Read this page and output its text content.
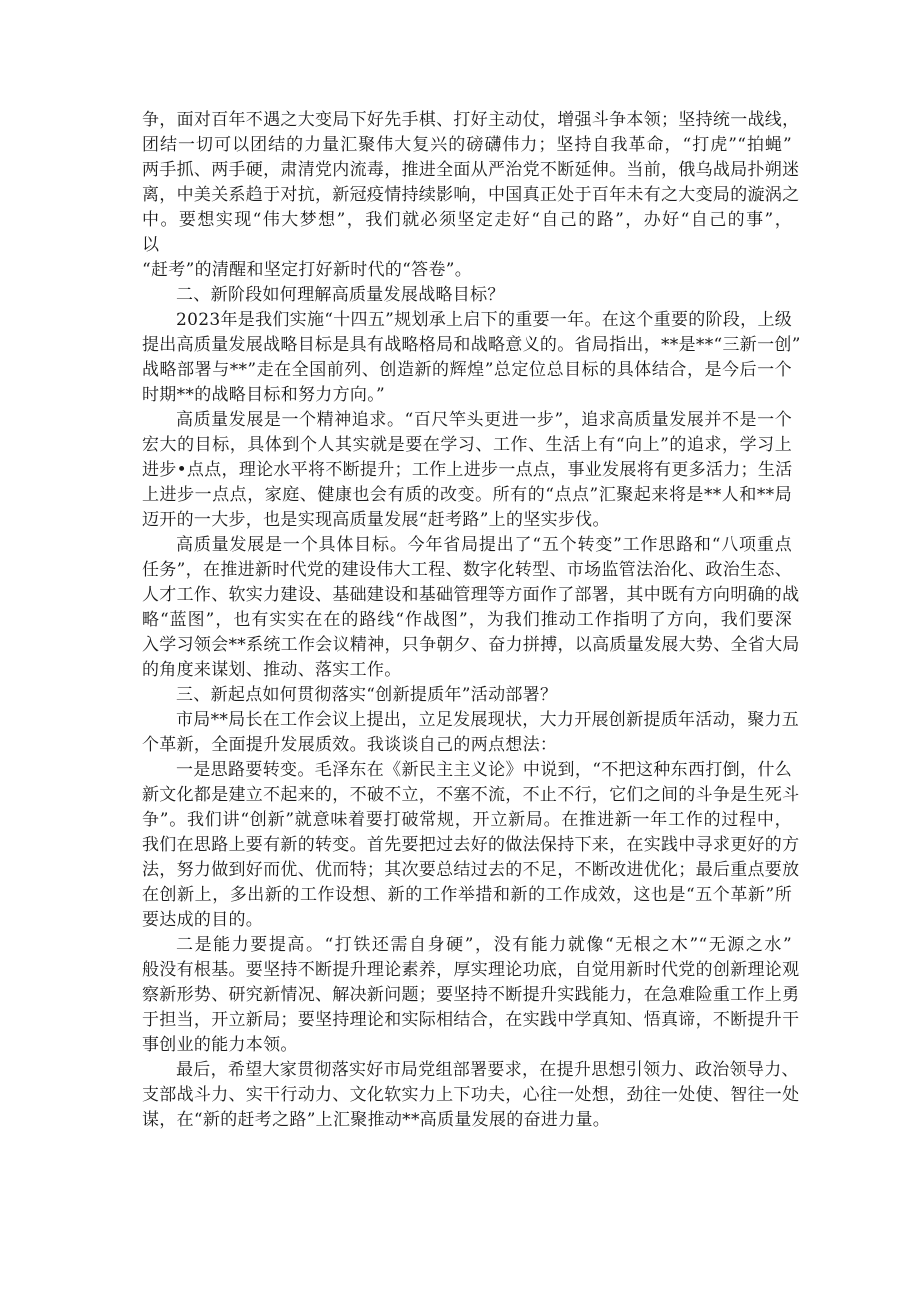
争，面对百年不遇之大变局下好先手棋、打好主动仗，增强斗争本领；坚持统一战线，
团结一切可以团结的力量汇聚伟大复兴的磅礴伟力；坚持自我革命，“打虎”“拍蝇”
两手抓、两手硬，肃清党内流毒，推进全面从严治党不断延伸。当前，俄乌战局扑朔迷
离，中美关系趋于对抗，新冠疫情持续影响，中国真正处于百年未有之大变局的漩涡之
中。要想实现“伟大梦想”，我们就必须坚定走好“自己的路”，办好“自己的事”，
以
“赶考”的清醒和坚定打好新时代的“答卷”。
二、新阶段如何理解高质量发展战略目标？
2023年是我们实施“十四五”规划承上启下的重要一年。在这个重要的阶段，上级
提出高质量发展战略目标是具有战略格局和战略意义的。省局指出，**是**“三新一创”
战略部署与**”走在全国前列、创造新的辉煌”总定位总目标的具体结合，是今后一个
时期**的战略目标和努力方向。”
高质量发展是一个精神追求。“百尺竿头更进一步”，追求高质量发展并不是一个
宏大的目标，具体到个人其实就是要在学习、工作、生活上有“向上”的追求，学习上
进步•点点，理论水平将不断提升；工作上进步一点点，事业发展将有更多活力；生活
上进步一点点，家庭、健康也会有质的改变。所有的“点点”汇聚起来将是**人和**局
迈开的一大步，也是实现高质量发展“赶考路”上的坚实步伐。
高质量发展是一个具体目标。今年省局提出了“五个转变”工作思路和“八项重点
任务”，在推进新时代党的建设伟大工程、数字化转型、市场监管法治化、政治生态、
人才工作、软实力建设、基础建设和基础管理等方面作了部署，其中既有方向明确的战
略“蓝图”，也有实实在在的路线“作战图”，为我们推动工作指明了方向，我们要深
入学习领会**系统工作会议精神，只争朝夕、奋力拼搏，以高质量发展大势、全省大局
的角度来谋划、推动、落实工作。
三、新起点如何贯彻落实“创新提质年”活动部署？
市局**局长在工作会议上提出，立足发展现状，大力开展创新提质年活动，聚力五
个革新，全面提升发展质效。我谈谈自己的两点想法：
一是思路要转变。毛泽东在《新民主主义论》中说到，“不把这种东西打倒，什么
新文化都是建立不起来的，不破不立，不塞不流，不止不行，它们之间的斗争是生死斗
争”。我们讲“创新”就意味着要打破常规，开立新局。在推进新一年工作的过程中，
我们在思路上要有新的转变。首先要把过去好的做法保持下来，在实践中寻求更好的方
法，努力做到好而优、优而特；其次要总结过去的不足，不断改进优化；最后重点要放
在创新上，多出新的工作设想、新的工作举措和新的工作成效，这也是“五个革新”所
要达成的目的。
二是能力要提高。“打铁还需自身硬”，没有能力就像“无根之木”“无源之水”
般没有根基。要坚持不断提升理论素养，厚实理论功底，自觉用新时代党的创新理论观
察新形势、研究新情况、解决新问题；要坚持不断提升实践能力，在急难险重工作上勇
于担当，开立新局；要坚持理论和实际相结合，在实践中学真知、悟真谛，不断提升干
事创业的能力本领。
最后，希望大家贯彻落实好市局党组部署要求，在提升思想引领力、政治领导力、
支部战斗力、实干行动力、文化软实力上下功夫，心往一处想，劲往一处使、智往一处
谋，在“新的赶考之路”上汇聚推动**高质量发展的奋进力量。
